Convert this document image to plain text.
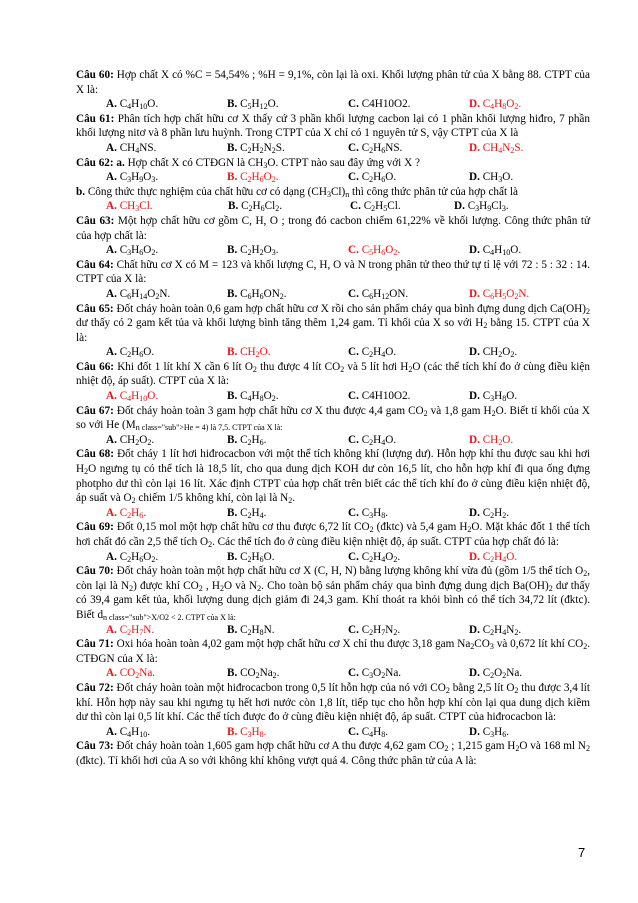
Câu 60: Hợp chất X có %C = 54,54% ; %H = 9,1%, còn lại là oxi. Khối lượng phân tử của X bằng 88. CTPT của X là:

A. $C_4H_{10}O$.	B. $C_5H_{12}O$.	C. C4H10O2.	D. $C_4H_8O_2$.

Câu 61: Phân tích hợp chất hữu cơ X thấy cứ 3 phần khối lượng cacbon lại có 1 phần khối lượng hiđro, 7 phần khối lượng nitơ và 8 phần lưu huỳnh. Trong CTPT của X chỉ có 1 nguyên tử S, vậy CTPT của X là

A. $CH_4NS$.	B. $C_2H_2N_2S$.	C. $C_2H_6NS$.	D. $CH_4N_2S$.

Câu 62: a. Hợp chất X có CTĐGN là $CH_3O$. CTPT nào sau đây ứng với X ?

A. $C_3H_9O_3$.	B. $C_2H_6O_2$.	C. $C_2H_6O$.	D. $CH_3O$.

b. Công thức thực nghiệm của chất hữu cơ có dạng $(CH_3Cl)_n$ thì công thức phân tử của hợp chất là

A. $CH_3Cl$.	B. $C_2H_6Cl_2$.	C. $C_2H_5Cl$.	D. $C_3H_9Cl_3$.

Câu 63: Một hợp chất hữu cơ gồm C, H, O ; trong đó cacbon chiếm 61,22% về khối lượng. Công thức phân tử của hợp chất là:

A. $C_3H_6O_2$.	B. $C_2H_2O_3$.	C. $C_5H_6O_2$.	D. $C_4H_{10}O$.

Câu 64: Chất hữu cơ X có M = 123 và khối lượng C, H, O và N trong phân tử theo thứ tự tỉ lệ với 72 : 5 : 32 : 14. CTPT của X là:

A. $C_6H_{14}O_2N$.	B. $C_6H_6ON_2$.	C. $C_6H_{12}ON$.	D. $C_6H_5O_2N$.

Câu 65: Đốt cháy hoàn toàn 0,6 gam hợp chất hữu cơ X rồi cho sản phẩm cháy qua bình đựng dung dịch $Ca(OH)_2$ dư thấy có 2 gam kết tủa và khối lượng bình tăng thêm 1,24 gam. Tỉ khối của X so với $H_2$ bằng 15. CTPT của X là:

A. $C_2H_6O$.	B. $CH_2O$.	C. $C_2H_4O$.	D. $CH_2O_2$.

Câu 66: Khi đốt 1 lít khí X cần 6 lít $O_2$ thu được 4 lít $CO_2$ và 5 lít hơi $H_2O$ (các thể tích khí đo ở cùng điều kiện nhiệt độ, áp suất). CTPT của X là:

A. $C_4H_{10}O$.	B. $C_4H_8O_2$.	C. C4H10O2.	D. $C_3H_8O$.

Câu 67: Đốt cháy hoàn toàn 3 gam hợp chất hữu cơ X thu được 4,4 gam $CO_2$ và 1,8 gam $H_2O$. Biết tỉ khối của X so với He ($M_{n class="sub">He = 4) là 7,5. CTPT của X là:}$

A. $CH_2O_2$.	B. $C_2H_6$.	C. $C_2H_4O$.	D. $CH_2O$.

Câu 68: Đốt cháy 1 lít hơi hiđrocacbon với một thể tích không khí (lượng dư). Hỗn hợp khí thu được sau khi hơi $H_2O$ ngưng tụ có thể tích là 18,5 lít, cho qua dung dịch KOH dư còn 16,5 lít, cho hỗn hợp khí đi qua ống đựng photpho dư thì còn lại 16 lít. Xác định CTPT của hợp chất trên biết các thể tích khí đo ở cùng điều kiện nhiệt độ, áp suất và $O_2$ chiếm 1/5 không khí, còn lại là $N_2$.

A. $C_2H_6$.	B. $C_2H_4$.	C. $C_3H_8$.	D. $C_2H_2$.

Câu 69: Đốt 0,15 mol một hợp chất hữu cơ thu được 6,72 lít $CO_2$ (đktc) và 5,4 gam $H_2O$. Mặt khác đốt 1 thể tích hơi chất đó cần 2,5 thể tích $O_2$. Các thể tích đo ở cùng điều kiện nhiệt độ, áp suất. CTPT của hợp chất đó là:

A. $C_2H_6O_2$.	B. $C_2H_6O$.	C. $C_2H_4O_2$.	D. $C_2H_4O$.

Câu 70: Đốt cháy hoàn toàn một hợp chất hữu cơ X (C, H, N) bằng lượng không khí vừa đủ (gồm 1/5 thể tích $O_2$, còn lại là $N_2$) được khí $CO_2$ , $H_2O$ và $N_2$. Cho toàn bộ sản phẩm cháy qua bình đựng dung dịch $Ba(OH)_2$ dư thấy có 39,4 gam kết tủa, khối lượng dung dịch giảm đi 24,3 gam. Khí thoát ra khỏi bình có thể tích 34,72 lít (đktc). Biết $d_{n class="sub">X/O2 < 2. CTPT của X là:}$

A. $C_2H_7N$.	B. $C_2H_8N$.	C. $C_2H_7N_2$.	D. $C_2H_4N_2$.

Câu 71: Oxi hóa hoàn toàn 4,02 gam một hợp chất hữu cơ X chỉ thu được 3,18 gam $Na_2CO_3$ và 0,672 lít khí $CO_2$. CTĐGN của X là:

A. $CO_2Na$.	B. $CO_2Na_2$.	C. $C_3O_2Na$.	D. $C_2O_2Na$.

Câu 72: Đốt cháy hoàn toàn một hiđrocacbon trong 0,5 lít hỗn hợp của nó với $CO_2$ bằng 2,5 lít $O_2$ thu được 3,4 lít khí. Hỗn hợp này sau khi ngưng tụ hết hơi nước còn 1,8 lít, tiếp tục cho hỗn hợp khí còn lại qua dung dịch kiềm dư thì còn lại 0,5 lít khí. Các thể tích được đo ở cùng điều kiện nhiệt độ, áp suất. CTPT của hiđrocacbon là:

A. $C_4H_{10}$.	B. $C_3H_8$.	C. $C_4H_8$.	D. $C_3H_6$.

Câu 73: Đốt cháy hoàn toàn 1,605 gam hợp chất hữu cơ A thu được 4,62 gam $CO_2$ ; 1,215 gam $H_2O$ và 168 ml $N_2$ (đktc). Tỉ khối hơi của A so với không khí không vượt quá 4. Công thức phân tử của A là:

7
